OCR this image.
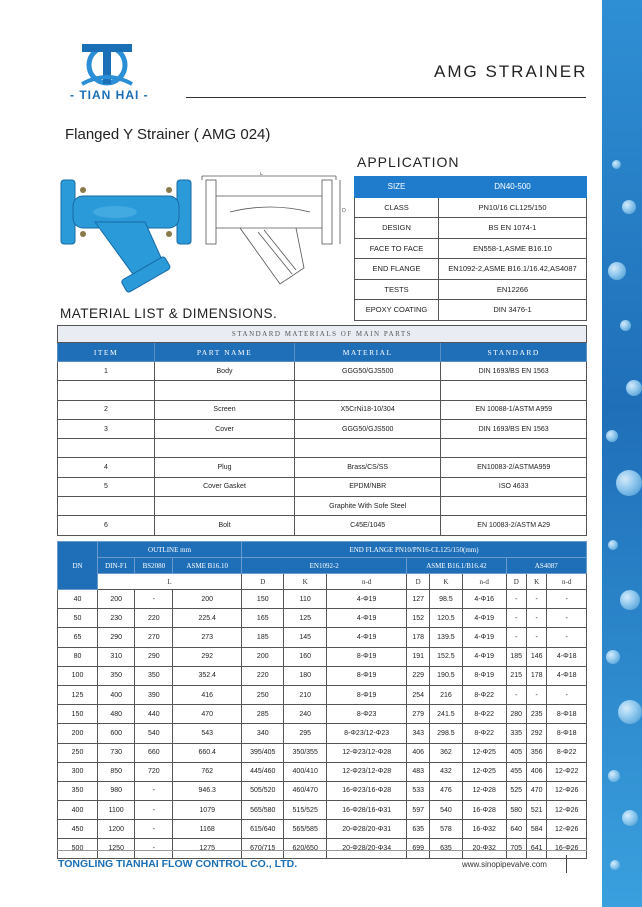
- TIAN HAI -
AMG STRAINER
Flanged Y Strainer ( AMG 024)
L
D
APPLICATION
SIZE	DN40-500
CLASS	PN10/16 CL125/150
DESIGN	BS EN 1074-1
FACE TO FACE	EN558-1,ASME B16.10
END FLANGE	EN1092-2,ASME B16.1/16.42,AS4087
TESTS	EN12266
EPOXY COATING	DIN 3476-1
MATERIAL LIST & DIMENSIONS.
STANDARD MATERIALS OF MAIN PARTS			
ITEM	PART NAME	MATERIAL	STANDARD
1	Body	GGG50/GJS500	DIN 1693/BS EN 1563

2	Screen	X5CrNi18-10/304	EN 10088-1/ASTM A959
3	Cover	GGG50/GJS500	DIN 1693/BS EN 1563

4	Plug	Brass/CS/SS	EN10083-2/ASTMA959
5	Cover Gasket	EPDM/NBR	ISO 4633
		Graphite With Sofe Steel	
6	Bolt	C45E/1045	EN 10083-2/ASTM A29
DN	OUTLINE mm			END FLANGE PN10/PN16-CL125/150(mm)								
	DIN-F1	BS2080	ASME B16.10	EN1092-2			ASME B16.1/B16.42			AS4087		
	L			D	K	n-d	D	K	n-d	D	K	n-d
40	200	-	200	150	110	4-Φ19	127	98.5	4-Φ16	-	-	-
50	230	220	225.4	165	125	4-Φ19	152	120.5	4-Φ19	-	-	-
65	290	270	273	185	145	4-Φ19	178	139.5	4-Φ19	-	-	-
80	310	290	292	200	160	8-Φ19	191	152.5	4-Φ19	185	146	4-Φ18
100	350	350	352.4	220	180	8-Φ19	229	190.5	8-Φ19	215	178	4-Φ18
125	400	390	416	250	210	8-Φ19	254	216	8-Φ22	-	-	-
150	480	440	470	285	240	8-Φ23	279	241.5	8-Φ22	280	235	8-Φ18
200	600	540	543	340	295	8-Φ23/12-Φ23	343	298.5	8-Φ22	335	292	8-Φ18
250	730	660	660.4	395/405	350/355	12-Φ23/12-Φ28	406	362	12-Φ25	405	356	8-Φ22
300	850	720	762	445/460	400/410	12-Φ23/12-Φ28	483	432	12-Φ25	455	406	12-Φ22
350	980	-	946.3	505/520	460/470	16-Φ23/16-Φ28	533	476	12-Φ28	525	470	12-Φ26
400	1100	-	1079	565/580	515/525	16-Φ28/16-Φ31	597	540	16-Φ28	580	521	12-Φ26
450	1200	-	1168	615/640	565/585	20-Φ28/20-Φ31	635	578	16-Φ32	640	584	12-Φ26
500	1250	-	1275	670/715	620/650	20-Φ28/20-Φ34	699	635	20-Φ32	705	641	16-Φ26
TONGLING TIANHAI FLOW CONTROL CO., LTD.	www.sinopipevalve.com
